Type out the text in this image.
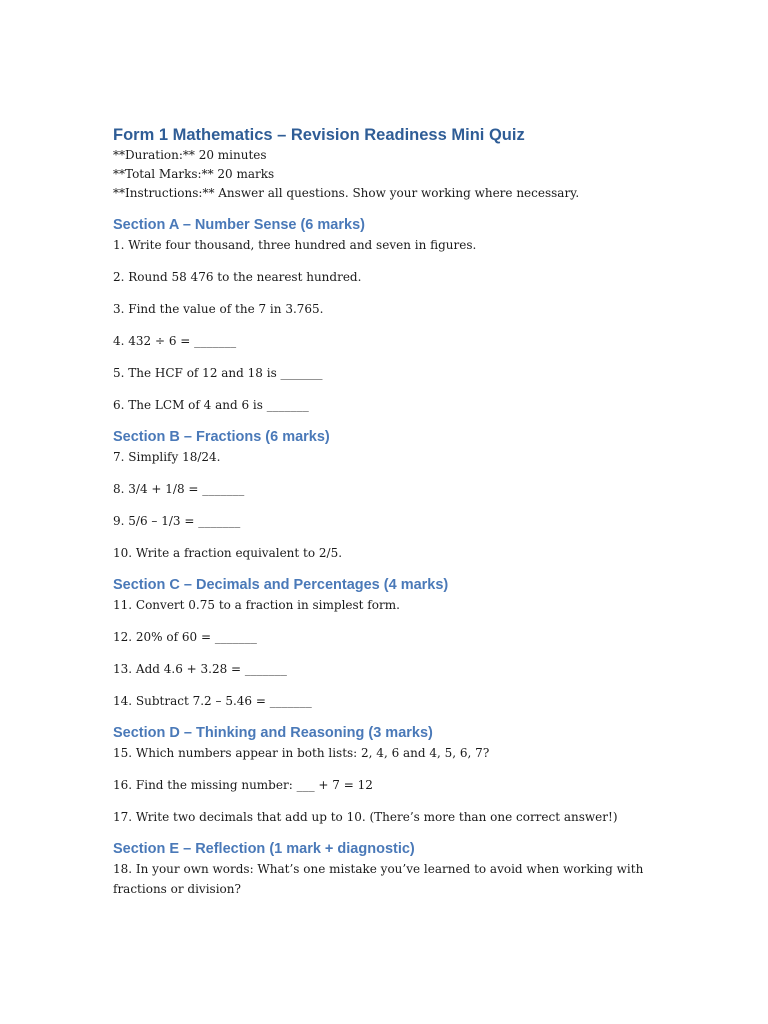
Form 1 Mathematics – Revision Readiness Mini Quiz

**Duration:** 20 minutes

**Total Marks:** 20 marks

**Instructions:** Answer all questions. Show your working where necessary.

Section A – Number Sense (6 marks)

1. Write four thousand, three hundred and seven in figures.

2. Round 58 476 to the nearest hundred.

3. Find the value of the 7 in 3.765.

4. 432 ÷ 6 = _______

5. The HCF of 12 and 18 is _______

6. The LCM of 4 and 6 is _______

Section B – Fractions (6 marks)

7. Simplify 18/24.

8. 3/4 + 1/8 = _______

9. 5/6 – 1/3 = _______

10. Write a fraction equivalent to 2/5.

Section C – Decimals and Percentages (4 marks)

11. Convert 0.75 to a fraction in simplest form.

12. 20% of 60 = _______

13. Add 4.6 + 3.28 = _______

14. Subtract 7.2 – 5.46 = _______

Section D – Thinking and Reasoning (3 marks)

15. Which numbers appear in both lists: 2, 4, 6 and 4, 5, 6, 7?

16. Find the missing number: ___ + 7 = 12

17. Write two decimals that add up to 10. (There’s more than one correct answer!)

Section E – Reflection (1 mark + diagnostic)

18. In your own words: What’s one mistake you’ve learned to avoid when working with fractions or division?
